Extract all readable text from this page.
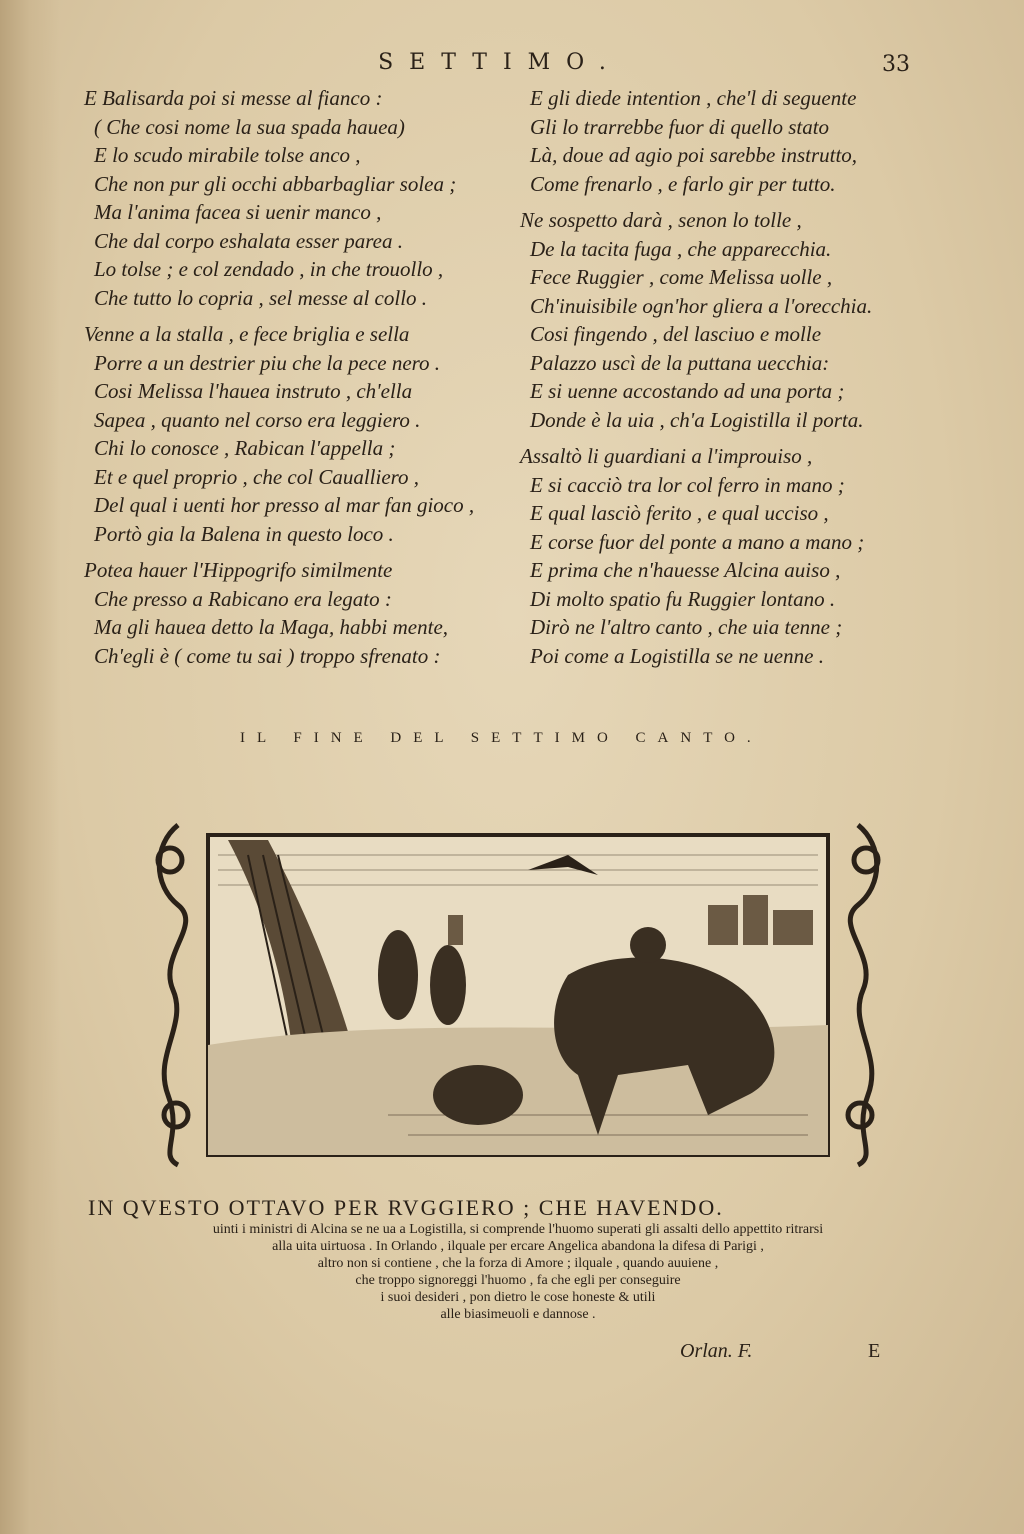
SETTIMO.	33
E Balisarda poi si messe al fianco :
( Che cosi nome la sua spada hauea)
E lo scudo mirabile tolse anco ,
Che non pur gli occhi abbarbagliar solea ;
Ma l'anima facea si uenir manco ,
Che dal corpo eshalata esser parea .
Lo tolse ; e col zendado , in che trouollo ,
Che tutto lo copria , sel messe al collo .
Venne a la stalla , e fece briglia e sella
Porre a un destrier piu che la pece nero .
Cosi Melissa l'hauea instruto , ch'ella
Sapea , quanto nel corso era leggiero .
Chi lo conosce , Rabican l'appella ;
Et e quel proprio , che col Caualliero ,
Del qual i uenti hor presso al mar fan gioco ,
Portò gia la Balena in questo loco .
Potea hauer l'Hippogrifo similmente
Che presso a Rabicano era legato :
Ma gli hauea detto la Maga, habbi mente,
Ch'egli è ( come tu sai ) troppo sfrenato :
E gli diede intention , che'l di seguente
Gli lo trarrebbe fuor di quello stato
Là, doue ad agio poi sarebbe instrutto,
Come frenarlo , e farlo gir per tutto.
Ne sospetto darà , senon lo tolle ,
De la tacita fuga , che apparecchia.
Fece Ruggier , come Melissa uolle ,
Ch'inuisibile ogn'hor gliera a l'orecchia.
Cosi fingendo , del lasciuo e molle
Palazzo uscì de la puttana uecchia:
E si uenne accostando ad una porta ;
Donde è la uia , ch'a Logistilla il porta.
Assaltò li guardiani a l'improuiso ,
E si cacciò tra lor col ferro in mano ;
E qual lasciò ferito , e qual ucciso ,
E corse fuor del ponte a mano a mano ;
E prima che n'hauesse Alcina auiso ,
Di molto spatio fu Ruggier lontano .
Dirò ne l'altro canto , che uia tenne ;
Poi come a Logistilla se ne uenne .
IL FINE DEL SETTIMO CANTO.
IN QVESTO OTTAVO PER RVGGIERO ; CHE HAVENDO.
uinti i ministri di Alcina se ne ua a Logistilla, si comprende l'huomo superati gli assalti dello appettito ritrarsi
alla uita uirtuosa . In Orlando , ilquale per ercare Angelica abandona la difesa di Parigi ,
altro non si contiene , che la forza di Amore ; ilquale , quando auuiene ,
che troppo signoreggi l'huomo , fa che egli per conseguire
i suoi desideri , pon dietro le cose honeste & utili
alle biasimeuoli e dannose .
Orlan. F.	E
